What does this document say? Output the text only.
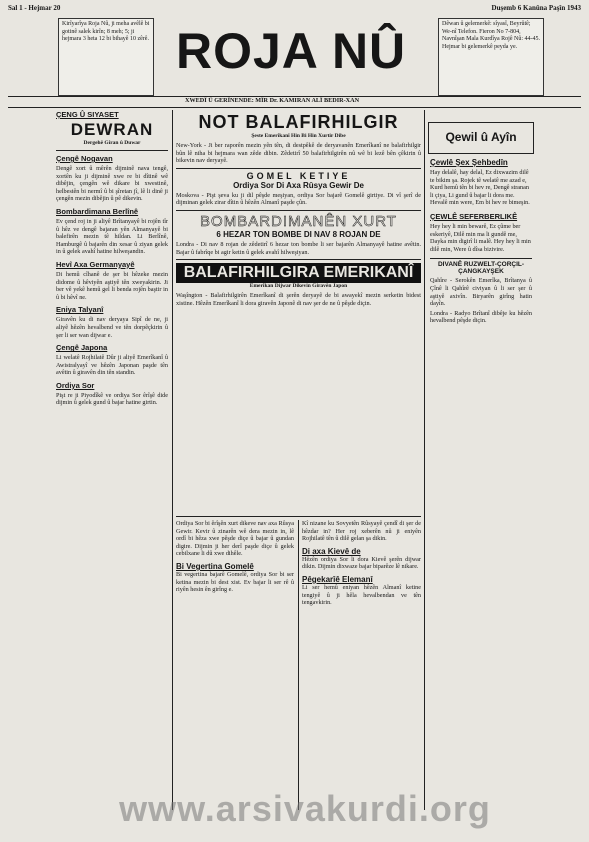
Sal 1 - Hejmar 20	Duşemb 6 Kanûna Paşîn 1943
Kirîyarîya Roja Nû, ji meha avêlê bi gotinê salek kirîn; 8 meh; 5; ji hejmara 3 heta 12 bi bihayê 10 zêrê. ROJA NÛ	Dêwan û gelemerkê: sîyasî, Beyrûtê; We-nî Telefon. Fieron No 7-804, Navnîşan Mala Kurdîya Rojê Nû: 44-45. Hejmar bi gelemerkê peyda ye.
XWEDÎ Û GERÎNENDE: MÎR Dr. KAMIRAN ALÎ BEDIR-XAN
ÇENG Û SIYASET
DEWRAN
Dergehê Gîran û Duwar
Çengê Nogavan
Dengê xort û mêrên dijminê nava tengê, xortên ku ji dijminê xwe re bi dîtinê wê dibêjin, çengên wê dikare bi xwestinê, helbestên bi nermî û bi şîretan jî, lê li dinê ji çengên mezin dibêjin û pê dikevin.
Bombardimana Berlînê
Ev çend roj in ji aliyê Brîtanyayê bi rojên tîr û hêz ve dengê bajaran yên Almanyayê bi balefirên mezin tê hildan. Li Berlînê, Hamburgê û bajarên din xesar û ziyan gelek in û gelek avahî hatine hilweşandin.
Hevî Axa Germanyayê
Di hemû cîhanê de şer bi hêzeke mezin didome û hêviyên aştiyê tên xweyakirin. Ji ber vê yekê hemû gel li benda rojên baştir in û bi hêvî ne.
Eniya Talyanî
Giravên ku di nav deryaya Sipî de ne, ji aliyê hêzên hevalbend ve tên dorpêçkirin û şer li ser wan dijwar e.
Çengê Japona
Li welatê Rojhilatê Dûr ji aliyê Emerîkanî û Awistralyayî ve hêzên Japonan paşde tên avêtin û giravên din tên standin.
Ordiya Sor
Pişt re ji Piyodîkê ve ordiya Sor êrîşê dide dijmin û gelek gund û bajar hatine girtin.
NOT BALAFIRHILGIR
Şeste Emerîkanî Hin Bi Hin Xurtir Dibe
New-York - Ji ber raporên mezin yên tên, di destpêkê de deryavanên Emerîkanî ne balafirhilgir bûn lê niha bi hejmara wan zêde dibin. Zêdetirî 50 balafirhilgirên nû wê bi lezê bên çêkirin û bikevin nav deryayê.
GOMEL KETIYE
Ordiya Sor Di Axa Rûsya Gewir De
Moskova - Pişt şeva ku ji dil pêşde meşiyan, ordiya Sor bajarê Gomelê girtiye. Di vî şerî de dijminan gelek zirar dîtin û hêzên Almanî paşde çûn.
BOMBARDIMANÊN XURT
6 HEZAR TON BOMBE DI NAV 8 ROJAN DE
Londra - Di nav 8 rojan de zêdetirî 6 hezar ton bombe li ser bajarên Almanyayê hatine avêtin. Bajar û fabrîqe bi agir ketin û gelek avahî hilweşiyan.
BALAFIRHILGIRA EMERIKANÎ
Emerîkan Dijwar Dikevin Giravên Japon
Waşîngton - Balafirhilgirên Emerîkanî di şerên deryayê de bi awayekî mezin serketin bidest xistine. Hêzên Emerîkanî li dora giravên Japonê di nav şer de ne û pêşde diçin.
Ordiya Sor bi êrîşên xurt dikeve nav axa Rûsya Gewir. Kevir û zinarên wê dera mezin in, lê ordî bi hêza xwe pêşde diçe û bajar û gundan digire. Dijmin ji her derî paşde diçe û gelek cebilxane li dû xwe dihêle.
Bi Vegertina Gomelê
Bi vegertina bajarê Gomelê, ordiya Sor bi ser ketina mezin bi dest xist. Ev bajar li ser rê û riyên hesin ên girîng e.
Kî nizane ku Sovyetên Rûsyayê çendî di şer de hêzdar in? Her roj xeberên nû ji eniyên Rojhilatê tên û dilê gelan şa dikin.
Di axa Kievê de
Hêzên ordiya Sor li dora Kievê şerên dijwar dikin. Dijmin dixwaze bajar biparêze lê nikare.
Pêgekarîê Elemanî
Li ser hemû eniyan hêzên Almanî ketine tengiyê û ji hêla hevalbendan ve tên tengavkirin.
Qewil û Ayîn
Çewlê Şex Şehbedîn
Hay delalê, hay delal, Ez dixwazim dilê te bikim şa. Rojek tê welatê me azad e, Kurd hemû tên bi hev re, Dengê stranan li çiya, Li gund û bajar li dora me. Hevalê min were, Em bi hev re bimeşin.
ÇEWLÊ SEFERBERLIKÊ
Hey hey li min bewarê, Ez çûme ber eskeriyê, Dilê min ma li gundê me, Dayka min digirî li malê. Hey hey li min dilê min, Were û dîsa bizivire.
DIVANÊ RUZWELT-ÇORÇIL-ÇANGKAYŞEK
Qahîre - Serokên Emerîka, Brîtanya û Çînê li Qahîrê civiyan û li ser şer û aştiyê axivîn. Biryarên girîng hatin dayîn.
Londra - Radyo Brîtanî dibêje ku hêzên hevalbend pêşde diçin.
www.arsivakurdi.org
